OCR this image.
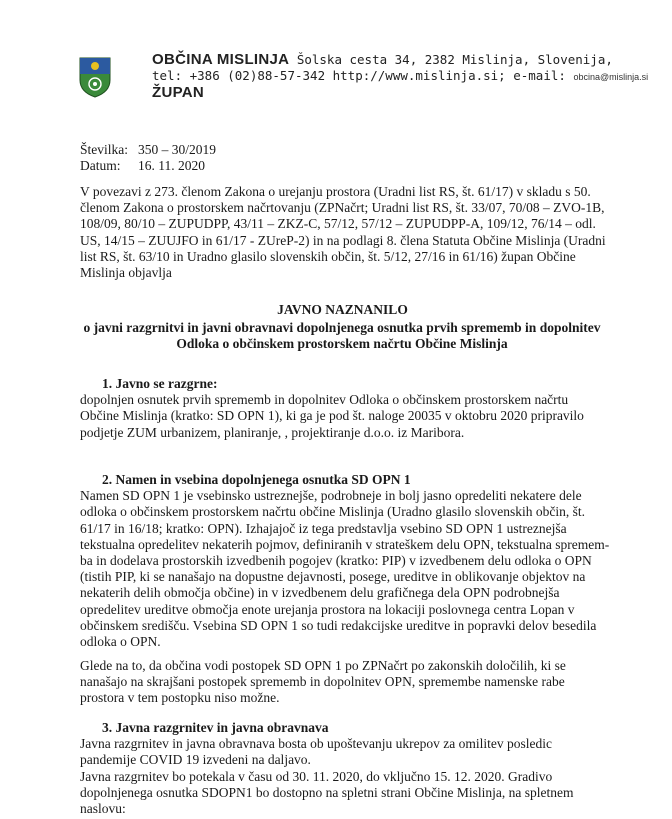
OBČINA MISLINJA Šolska cesta 34, 2382 Mislinja, Slovenija,
tel: +386 (02)88-57-342 http://www.mislinja.si; e-mail: obcina@mislinja.si
ŽUPAN
Številka: 350 – 30/2019
Datum: 16. 11. 2020
V povezavi z 273. členom Zakona o urejanju prostora (Uradni list RS, št. 61/17) v skladu s 50. členom Zakona o prostorskem načrtovanju (ZPNačrt; Uradni list RS, št. 33/07, 70/08 – ZVO-1B, 108/09, 80/10 – ZUPUDPP, 43/11 – ZKZ-C, 57/12, 57/12 – ZUPUDPP-A, 109/12, 76/14 – odl. US, 14/15 – ZUUJFO in 61/17 - ZUreP-2) in na podlagi 8. člena Statuta Občine Mislinja (Uradni list RS, št. 63/10 in Uradno glasilo slovenskih občin, št. 5/12, 27/16 in 61/16) župan Občine Mislinja objavlja
JAVNO NAZNANILO
o javni razgrnitvi in javni obravnavi dopolnjenega osnutka prvih sprememb in dopolnitev Odloka o občinskem prostorskem načrtu Občine Mislinja
1. Javno se razgrne:
dopolnjen osnutek prvih sprememb in dopolnitev Odloka o občinskem prostorskem načrtu Občine Mislinja (kratko: SD OPN 1), ki ga je pod št. naloge 20035 v oktobru 2020 pripravilo podjetje ZUM urbanizem, planiranje, , projektiranje d.o.o. iz Maribora.
2. Namen in vsebina dopolnjenega osnutka SD OPN 1
Namen SD OPN 1 je vsebinsko ustreznejše, podrobneje in bolj jasno opredeliti nekatere dele odloka o občinskem prostorskem načrtu občine Mislinja (Uradno glasilo slovenskih občin, št. 61/17 in 16/18; kratko: OPN). Izhajajoč iz tega predstavlja vsebino SD OPN 1 ustreznejša tekstualna opredelitev nekaterih pojmov, definiranih v strateškem delu OPN, tekstualna sprememba in dodelava prostorskih izvedbenih pogojev (kratko: PIP) v izvedbenem delu odloka o OPN (tistih PIP, ki se nanašajo na dopustne dejavnosti, posege, ureditve in oblikovanje objektov na nekaterih delih območja občine) in v izvedbenem delu grafičnega dela OPN podrobnejša opredelitev ureditve območja enote urejanja prostora na lokaciji poslovnega centra Lopan v občinskem središču. Vsebina SD OPN 1 so tudi redakcijske ureditve in popravki delov besedila odloka o OPN.
Glede na to, da občina vodi postopek SD OPN 1 po ZPNačrt po zakonskih določilih, ki se nanašajo na skrajšani postopek sprememb in dopolnitev OPN, spremembe namenske rabe prostora v tem postopku niso možne.
3. Javna razgrnitev in javna obravnava
Javna razgrnitev in javna obravnava bosta ob upoštevanju ukrepov za omilitev posledic pandemije COVID 19 izvedeni na daljavo.
Javna razgrnitev bo potekala v času od 30. 11. 2020, do vključno 15. 12. 2020. Gradivo dopolnjenega osnutka SDOPN1 bo dostopno na spletni strani Občine Mislinja, na spletnem naslovu:
